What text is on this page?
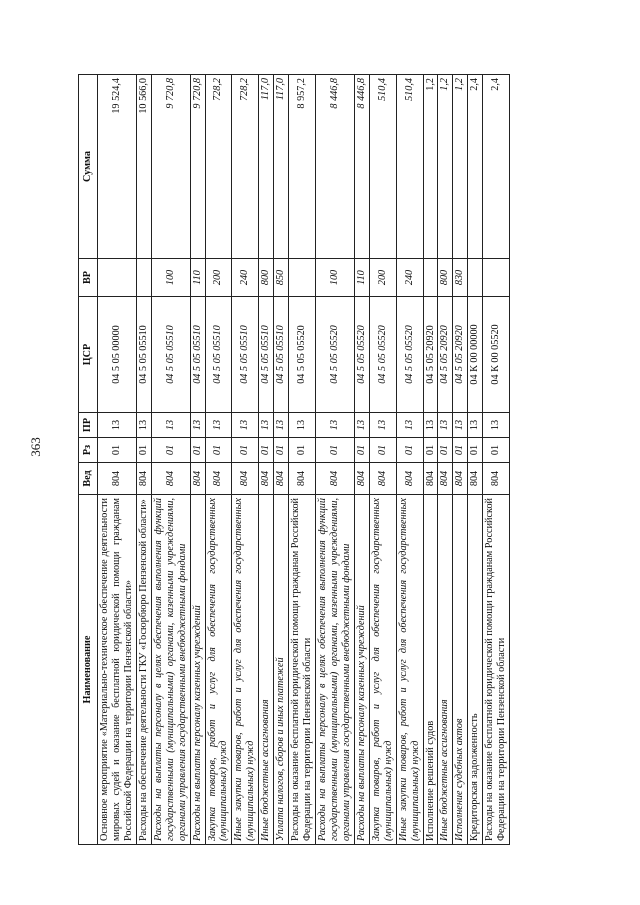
363
Наименование	Вед	Рз	ПР	ЦСР	ВР	Сумма
Основное мероприятие «Материально-техническое обеспечение деятельности мировых судей и оказание бесплатной юридической помощи гражданам Российской Федерации на территории Пензенской области»	804	01	13	04 5 05 00000		19 524,4
Расходы на обеспечение деятельности ГКУ «Госюрбюро Пензенской области»	804	01	13	04 5 05 05510		10 566,0
Расходы на выплаты персоналу в целях обеспечения выполнения функций государственными (муниципальными) органами, казенными учреждениями, органами управления государственными внебюджетными фондами	804	01	13	04 5 05 05510	100	9 720,8
Расходы на выплаты персоналу казенных учреждений	804	01	13	04 5 05 05510	110	9 720,8
Закупка товаров, работ и услуг для обеспечения государственных (муниципальных) нужд	804	01	13	04 5 05 05510	200	728,2
Иные закупки товаров, работ и услуг для обеспечения государственных (муниципальных) нужд	804	01	13	04 5 05 05510	240	728,2
Иные бюджетные ассигнования	804	01	13	04 5 05 05510	800	117,0
Уплата налогов, сборов и иных платежей	804	01	13	04 5 05 05510	850	117,0
Расходы на оказание бесплатной юридической помощи гражданам Российской Федерации на территории Пензенской области	804	01	13	04 5 05 05520		8 957,2
Расходы на выплаты персоналу в целях обеспечения выполнения функций государственными (муниципальными) органами, казенными учреждениями, органами управления государственными внебюджетными фондами	804	01	13	04 5 05 05520	100	8 446,8
Расходы на выплаты персоналу казенных учреждений	804	01	13	04 5 05 05520	110	8 446,8
Закупка товаров, работ и услуг для обеспечения государственных (муниципальных) нужд	804	01	13	04 5 05 05520	200	510,4
Иные закупки товаров, работ и услуг для обеспечения государственных (муниципальных) нужд	804	01	13	04 5 05 05520	240	510,4
Исполнение решений судов	804	01	13	04 5 05 20920		1,2
Иные бюджетные ассигнования	804	01	13	04 5 05 20920	800	1,2
Исполнение судебных актов	804	01	13	04 5 05 20920	830	1,2
Кредиторская задолженность	804	01	13	04 К 00 00000		2,4
Расходы на оказание бесплатной юридической помощи гражданам Российской Федерации на территории Пензенской области	804	01	13	04 К 00 05520		2,4
